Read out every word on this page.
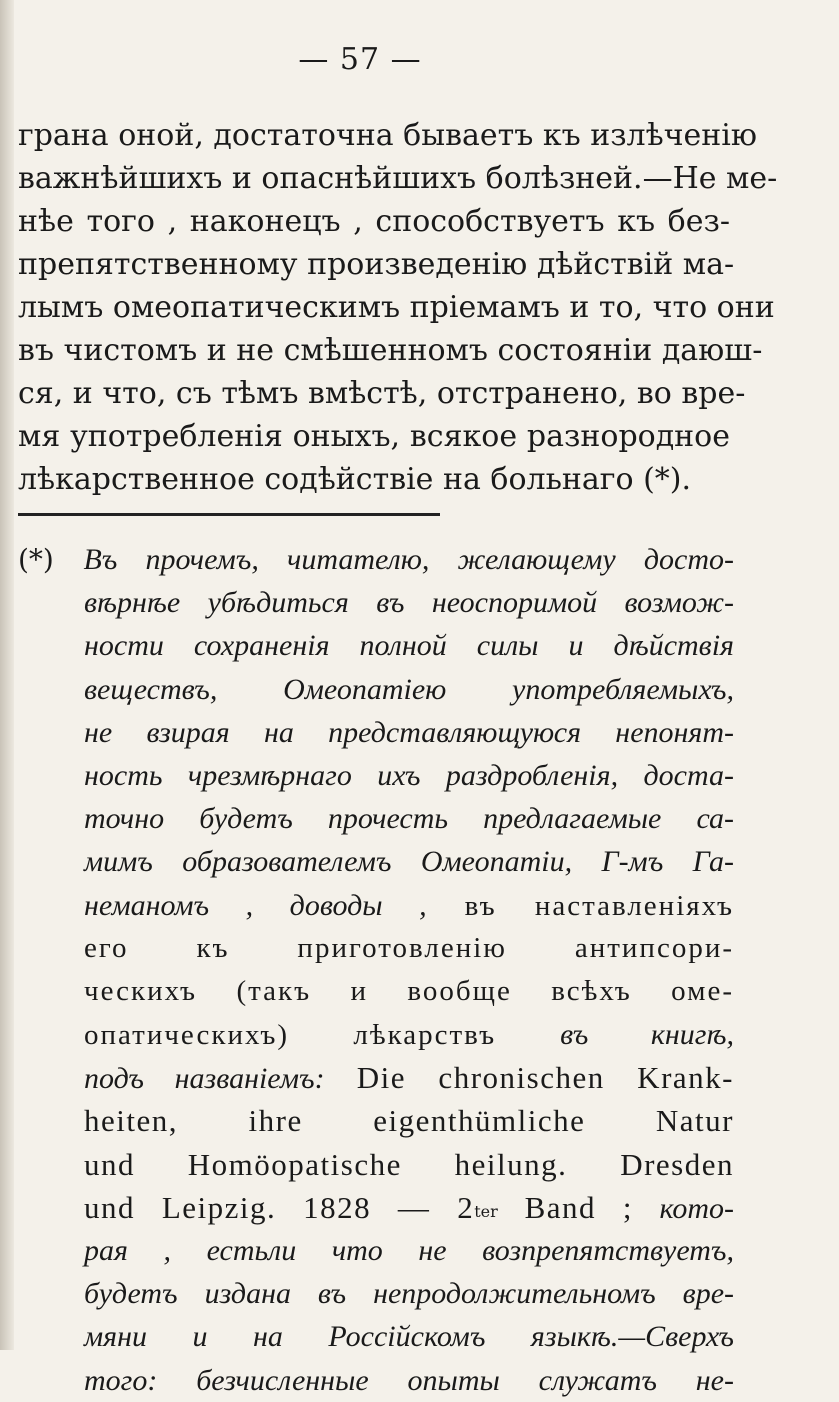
— 57 —
грана оной, достаточна бываетъ къ излѣченію
важнѣйшихъ и опаснѣйшихъ болѣзней.—Не ме-
нѣе того , наконецъ , способствуетъ къ без-
препятственному произведенію дѣйствій ма-
лымъ омеопатическимъ пріемамъ и то, что они
въ чистомъ и не смѣшенномъ состояніи даюш-
ся, и что, съ тѣмъ вмѣстѣ, отстранено, во вре-
мя употребленія оныхъ, всякое разнородное
лѣкарственное содѣйствіе на больнаго (*).
(*) Въ прочемъ, читателю, желающему досто-
вѣрнѣе убѣдиться въ неоспоримой возмож-
ности сохраненія полной силы и дѣйствія
веществъ, Омеопатіею употребляемыхъ,
не взирая на представляющуюся непонят-
ность чрезмѣрнаго ихъ раздробленія, доста-
точно будетъ прочесть предлагаемые са-
мимъ образователемъ Омеопатіи, Г-мъ Га-
неманомъ , доводы , въ наставленіяхъ
его къ приготовленію антипсори-
ческихъ (такъ и вообще всѣхъ оме-
опатическихъ) лѣкарствъ въ книгѣ,
подъ названіемъ: Die chronischen Krank-
heiten, ihre eigenthümliche Natur
und Homöopatische heilung. Dresden
und Leipzig. 1828 — $2^{ter}$ Band ; кото-
рая , естьли что не возпрепятствуетъ,
будетъ издана въ непродолжительномъ вре-
мяни и на Россійскомъ языкѣ.—Сверхъ
того: безчисленные опыты служатъ не-
